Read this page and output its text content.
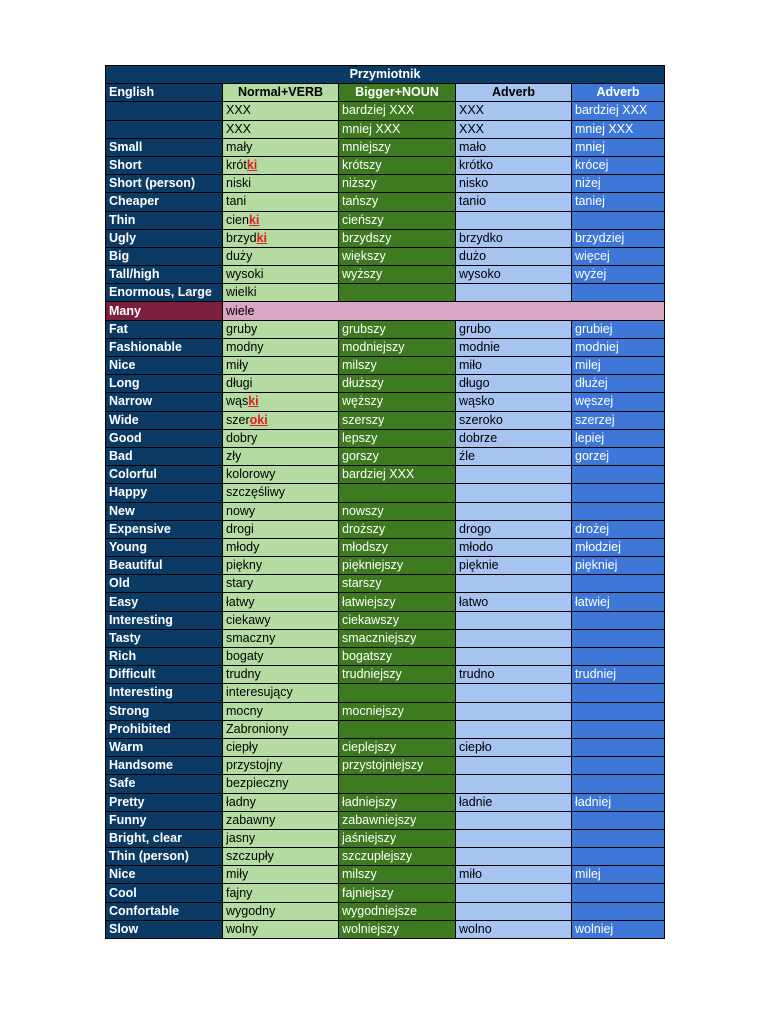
Przymiotnik				
English	Normal+VERB	Bigger+NOUN	Adverb	Adverb
	XXX	bardziej XXX	XXX	bardziej XXX
	XXX	mniej XXX	XXX	mniej XXX
Small	mały	mniejszy	mało	mniej
Short	krótki	krótszy	krótko	krócej
Short (person)	niski	niższy	nisko	niżej
Cheaper	tani	tańszy	tanio	taniej
Thin	cienki	cieńszy		
Ugly	brzydki	brzydszy	brzydko	brzydziej
Big	duży	większy	dużo	więcej
Tall/high	wysoki	wyższy	wysoko	wyżej
Enormous, Large	wielki			
Many	wiele			
Fat	gruby	grubszy	grubo	grubiej
Fashionable	modny	modniejszy	modnie	modniej
Nice	miły	milszy	miło	milej
Long	długi	dłuższy	długo	dłużej
Narrow	wąski	węższy	wąsko	węszej
Wide	szeroki	szerszy	szeroko	szerzej
Good	dobry	lepszy	dobrze	lepiej
Bad	zły	gorszy	źle	gorzej
Colorful	kolorowy	bardziej XXX		
Happy	szczęśliwy			
New	nowy	nowszy		
Expensive	drogi	droższy	drogo	drożej
Young	młody	młodszy	młodo	młodziej
Beautiful	piękny	piękniejszy	pięknie	piękniej
Old	stary	starszy		
Easy	łatwy	łatwiejszy	łatwo	łatwiej
Interesting	ciekawy	ciekawszy		
Tasty	smaczny	smaczniejszy		
Rich	bogaty	bogatszy		
Difficult	trudny	trudniejszy	trudno	trudniej
Interesting	interesujący			
Strong	mocny	mocniejszy		
Prohibited	Zabroniony			
Warm	ciepły	cieplejszy	ciepło	
Handsome	przystojny	przystojniejszy		
Safe	bezpieczny			
Pretty	ładny	ładniejszy	ładnie	ładniej
Funny	zabawny	zabawniejszy		
Bright, clear	jasny	jaśniejszy		
Thin (person)	szczupły	szczuplejszy		
Nice	miły	milszy	miło	milej
Cool	fajny	fajniejszy		
Confortable	wygodny	wygodniejsze		
Slow	wolny	wolniejszy	wolno	wolniej
